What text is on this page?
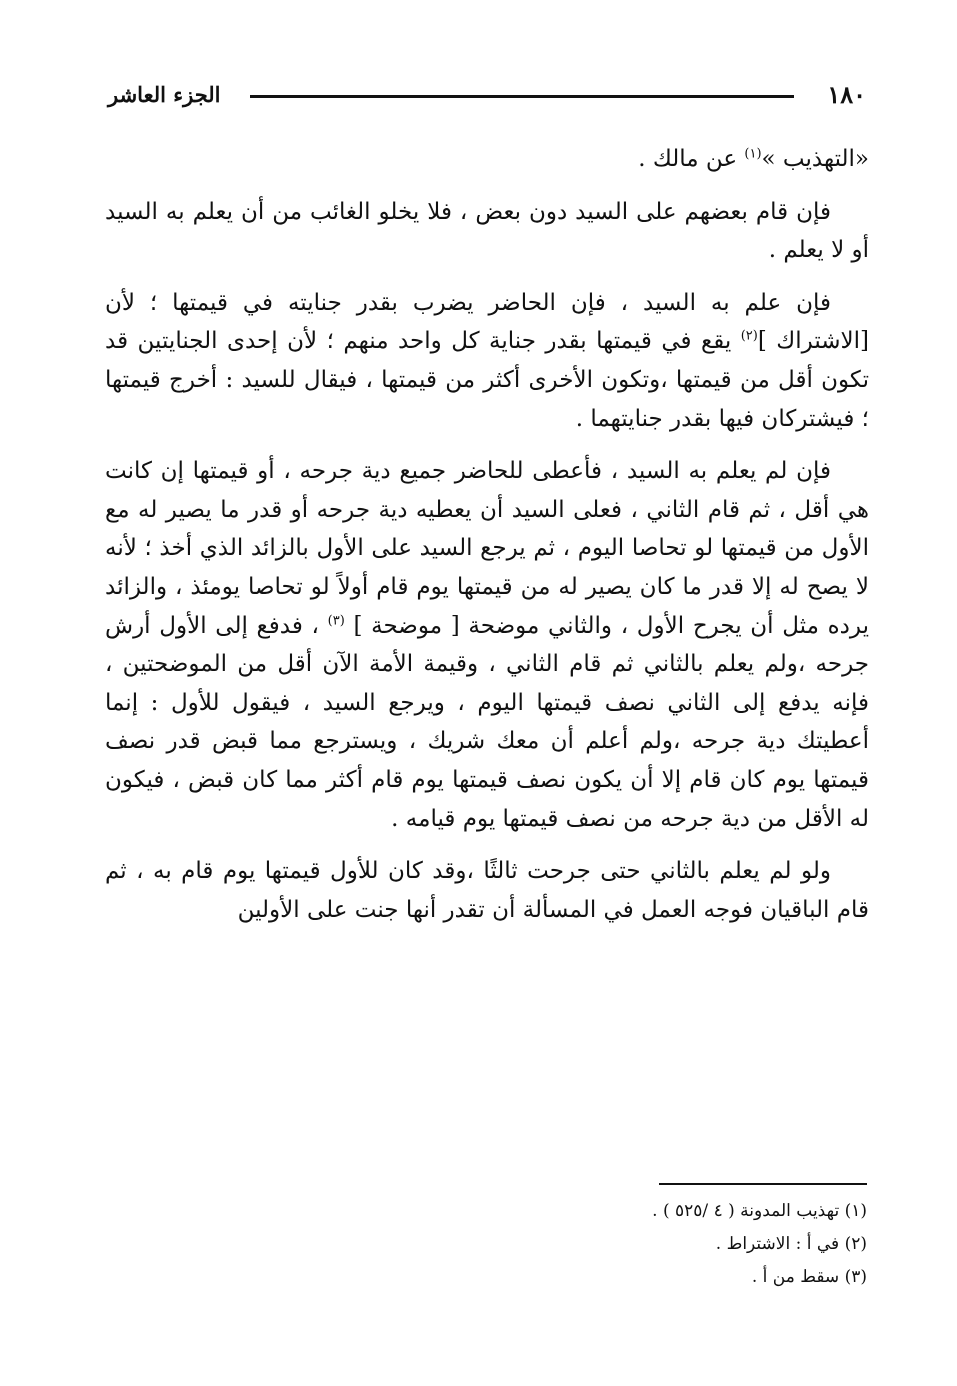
١٨٠
الجزء العاشر

«التهذيب »$^{(١)}$ عن مالك .

فإن قام بعضهم على السيد دون بعض ، فلا يخلو الغائب من أن يعلم به السيد أو لا يعلم .

فإن علم به السيد ، فإن الحاضر يضرب بقدر جنايته في قيمتها ؛ لأن [الاشتراك ]$^{(٢)}$ يقع في قيمتها بقدر جناية كل واحد منهم ؛ لأن إحدى الجنايتين قد تكون أقل من قيمتها ،وتكون الأخرى أكثر من قيمتها ، فيقال للسيد : أخرج قيمتها ؛ فيشتركان فيها بقدر جنايتهما .

فإن لم يعلم به السيد ، فأعطى للحاضر جميع دية جرحه ، أو قيمتها إن كانت هي أقل ، ثم قام الثاني ، فعلى السيد أن يعطيه دية جرحه أو قدر ما يصير له مع الأول من قيمتها لو تحاصا اليوم ، ثم يرجع السيد على الأول بالزائد الذي أخذ ؛ لأنه لا يصح له إلا قدر ما كان يصير له من قيمتها يوم قام أولاً لو تحاصا يومئذ ، والزائد يرده مثل أن يجرح الأول ، والثاني موضحة [ موضحة ] $^{(٣)}$ ، فدفع إلى الأول أرش جرحه ،ولم يعلم بالثاني ثم قام الثاني ، وقيمة الأمة الآن أقل من الموضحتين ، فإنه يدفع إلى الثاني نصف قيمتها اليوم ، ويرجع السيد ، فيقول للأول : إنما أعطيتك دية جرحه ،ولم أعلم أن معك شريك ، ويسترجع مما قبض قدر نصف قيمتها يوم كان قام إلا أن يكون نصف قيمتها يوم قام أكثر مما كان قبض ، فيكون له الأقل من دية جرحه من نصف قيمتها يوم قيامه .

ولو لم يعلم بالثاني حتى جرحت ثالثًا ،وقد كان للأول قيمتها يوم قام به ، ثم قام الباقيان فوجه العمل في المسألة أن تقدر أنها جنت على الأولين

(١) تهذيب المدونة ( ٤ /٥٢٥ ) .
(٢) في أ : الاشتراط .
(٣) سقط من أ .
